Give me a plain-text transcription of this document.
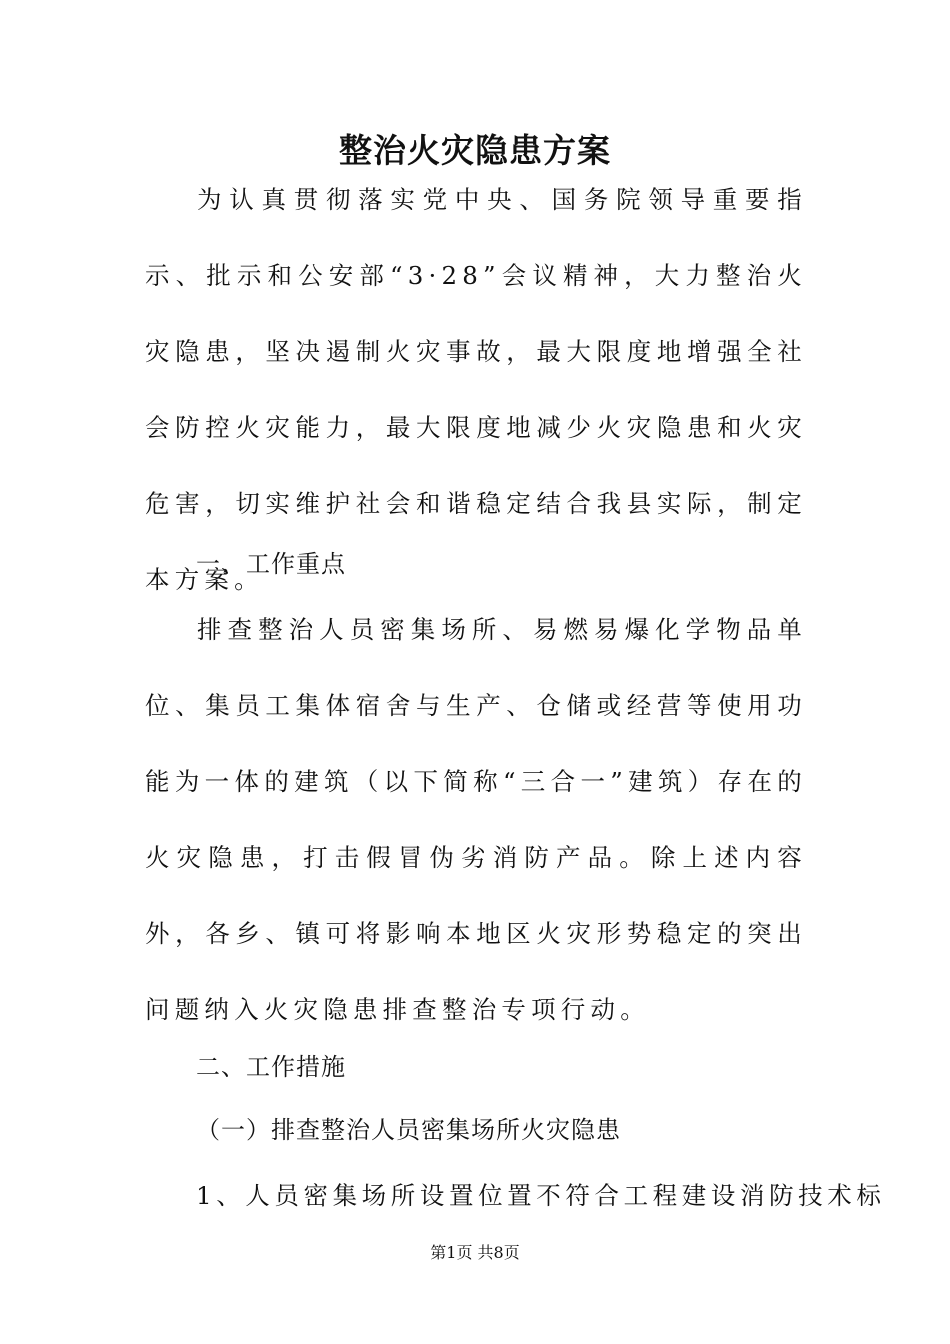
整治火灾隐患方案

为认真贯彻落实党中央、国务院领导重要指示、批示和公安部“3·28”会议精神，大力整治火灾隐患，坚决遏制火灾事故，最大限度地增强全社会防控火灾能力，最大限度地减少火灾隐患和火灾危害，切实维护社会和谐稳定结合我县实际，制定本方案。

一、工作重点

排查整治人员密集场所、易燃易爆化学物品单位、集员工集体宿舍与生产、仓储或经营等使用功能为一体的建筑（以下简称“三合一”建筑）存在的火灾隐患，打击假冒伪劣消防产品。除上述内容外，各乡、镇可将影响本地区火灾形势稳定的突出问题纳入火灾隐患排查整治专项行动。

二、工作措施

（一）排查整治人员密集场所火灾隐患

1、人员密集场所设置位置不符合工程建设消防技术标

第1页 共8页
